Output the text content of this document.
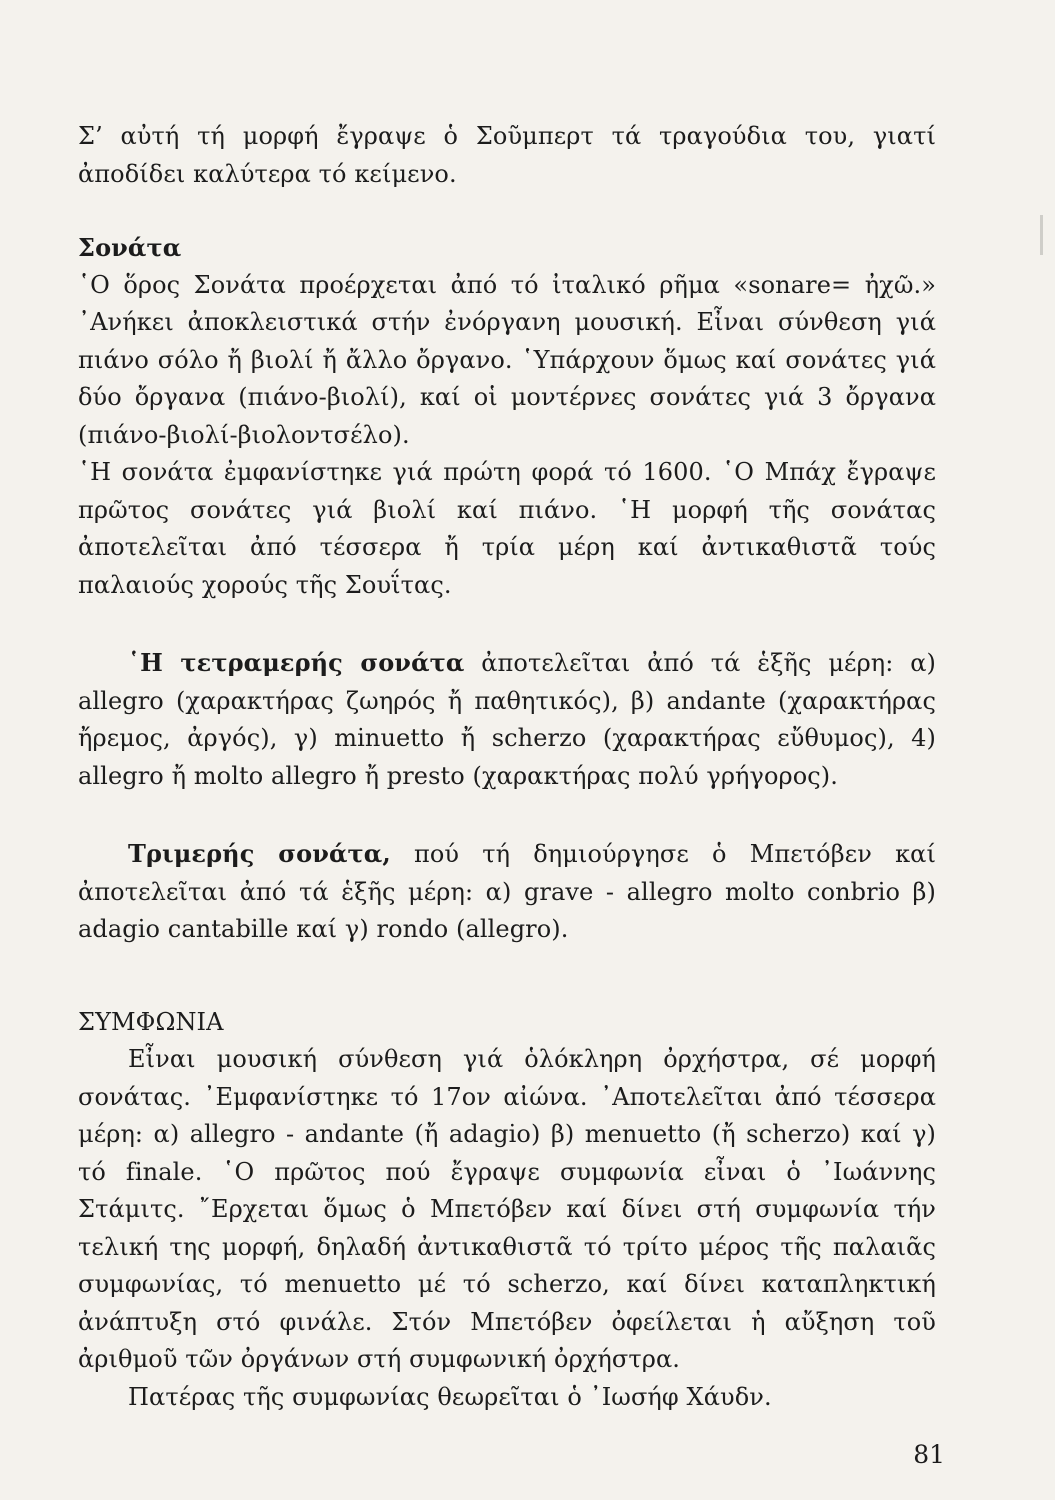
Σ’ αὐτή τή μορφή ἔγραψε ὁ Σοῦμπερτ τά τραγούδια του, γιατί ἀποδίδει καλύτερα τό κείμενο.

Σονάτα

῾Ο ὅρος Σονάτα προέρχεται ἀπό τό ἰταλικό ρῆμα «sonare= ἠχῶ.» ᾿Ανήκει ἀποκλειστικά στήν ἐνόργανη μουσική. Εἶναι σύνθεση γιά πιάνο σόλο ἤ βιολί ἤ ἄλλο ὄργανο. ῾Υπάρχουν ὅμως καί σονάτες γιά δύο ὄργανα (πιάνο-βιολί), καί οἱ μοντέρνες σονάτες γιά 3 ὄργανα (πιάνο-βιολί-βιολοντσέλο).

῾Η σονάτα ἐμφανίστηκε γιά πρώτη φορά τό 1600. ῾Ο Μπάχ ἔγραψε πρῶτος σονάτες γιά βιολί καί πιάνο. ῾Η μορφή τῆς σονάτας ἀποτελεῖται ἀπό τέσσερα ἤ τρία μέρη καί ἀντικαθιστᾶ τούς παλαιούς χορούς τῆς Σουΐτας.

῾Η τετραμερής σονάτα ἀποτελεῖται ἀπό τά ἑξῆς μέρη: α) allegro (χαρακτήρας ζωηρός ἤ παθητικός), β) andante (χαρακτήρας ἤρεμος, ἀργός), γ) minuetto ἤ scherzo (χαρακτήρας εὔθυμος), 4) allegro ἤ molto allegro ἤ presto (χαρακτήρας πολύ γρήγορος).

Τριμερής σονάτα, πού τή δημιούργησε ὁ Μπετόβεν καί ἀποτελεῖται ἀπό τά ἑξῆς μέρη: α) grave - allegro molto conbrio β) adagio cantabille καί γ) rondo (allegro).

ΣΥΜΦΩΝΙΑ

Εἶναι μουσική σύνθεση γιά ὁλόκληρη ὀρχήστρα, σέ μορφή σονάτας. ᾿Εμφανίστηκε τό 17ον αἰώνα. ᾿Αποτελεῖται ἀπό τέσσερα μέρη: α) allegro - andante (ἤ adagio) β) menuetto (ἤ scherzo) καί γ) τό finale. ῾Ο πρῶτος πού ἔγραψε συμφωνία εἶναι ὁ ᾿Ιωάννης Στάμιτς. ῎Ερχεται ὅμως ὁ Μπετόβεν καί δίνει στή συμφωνία τήν τελική της μορφή, δηλαδή ἀντικαθιστᾶ τό τρίτο μέρος τῆς παλαιᾶς συμφωνίας, τό menuetto μέ τό scherzo, καί δίνει καταπληκτική ἀνάπτυξη στό φινάλε. Στόν Μπετόβεν ὀφείλεται ἡ αὔξηση τοῦ ἀριθμοῦ τῶν ὀργάνων στή συμφωνική ὀρχήστρα.

Πατέρας τῆς συμφωνίας θεωρεῖται ὁ ᾿Ιωσήφ Χάυδν.

81
